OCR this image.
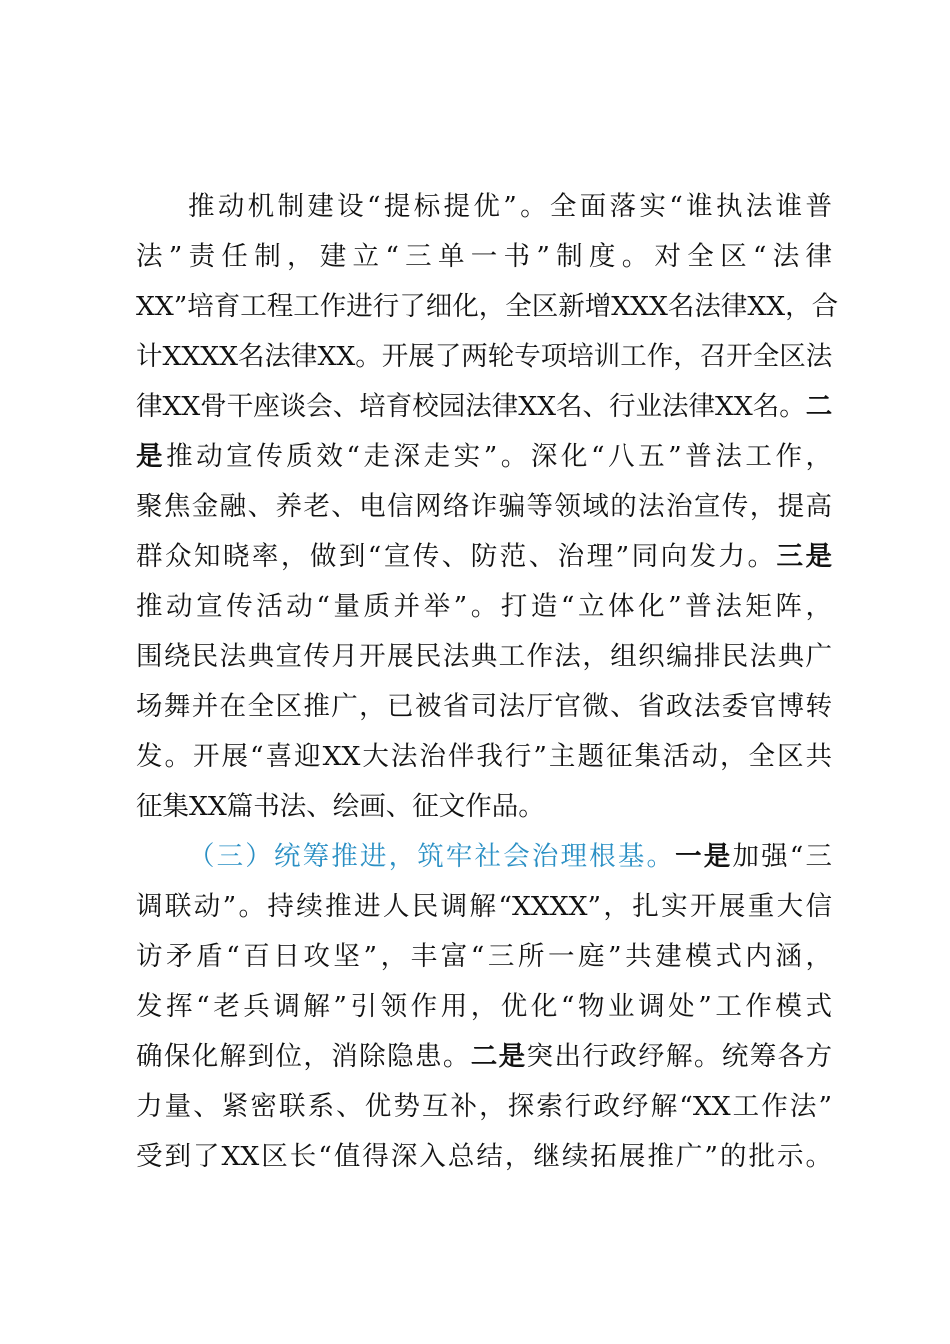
推动机制建设“提标提优”。全面落实“谁执法谁普
法”责任制，建立“三单一书”制度。对全区“法律
XX”培育工程工作进行了细化，全区新增XXX名法律XX，合
计XXXX名法律XX。开展了两轮专项培训工作，召开全区法
律XX骨干座谈会、培育校园法律XX名、行业法律XX名。二
是推动宣传质效“走深走实”。深化“八五”普法工作，
聚焦金融、养老、电信网络诈骗等领域的法治宣传，提高
群众知晓率，做到“宣传、防范、治理”同向发力。三是
推动宣传活动“量质并举”。打造“立体化”普法矩阵，
围绕民法典宣传月开展民法典工作法，组织编排民法典广
场舞并在全区推广，已被省司法厅官微、省政法委官博转
发。开展“喜迎XX大法治伴我行”主题征集活动，全区共
征集XX篇书法、绘画、征文作品。
（三）统筹推进，筑牢社会治理根基。一是加强“三
调联动”。持续推进人民调解“XXXX”，扎实开展重大信
访矛盾“百日攻坚”，丰富“三所一庭”共建模式内涵，
发挥“老兵调解”引领作用，优化“物业调处”工作模式
确保化解到位，消除隐患。二是突出行政纾解。统筹各方
力量、紧密联系、优势互补，探索行政纾解“XX工作法”
受到了XX区长“值得深入总结，继续拓展推广”的批示。
